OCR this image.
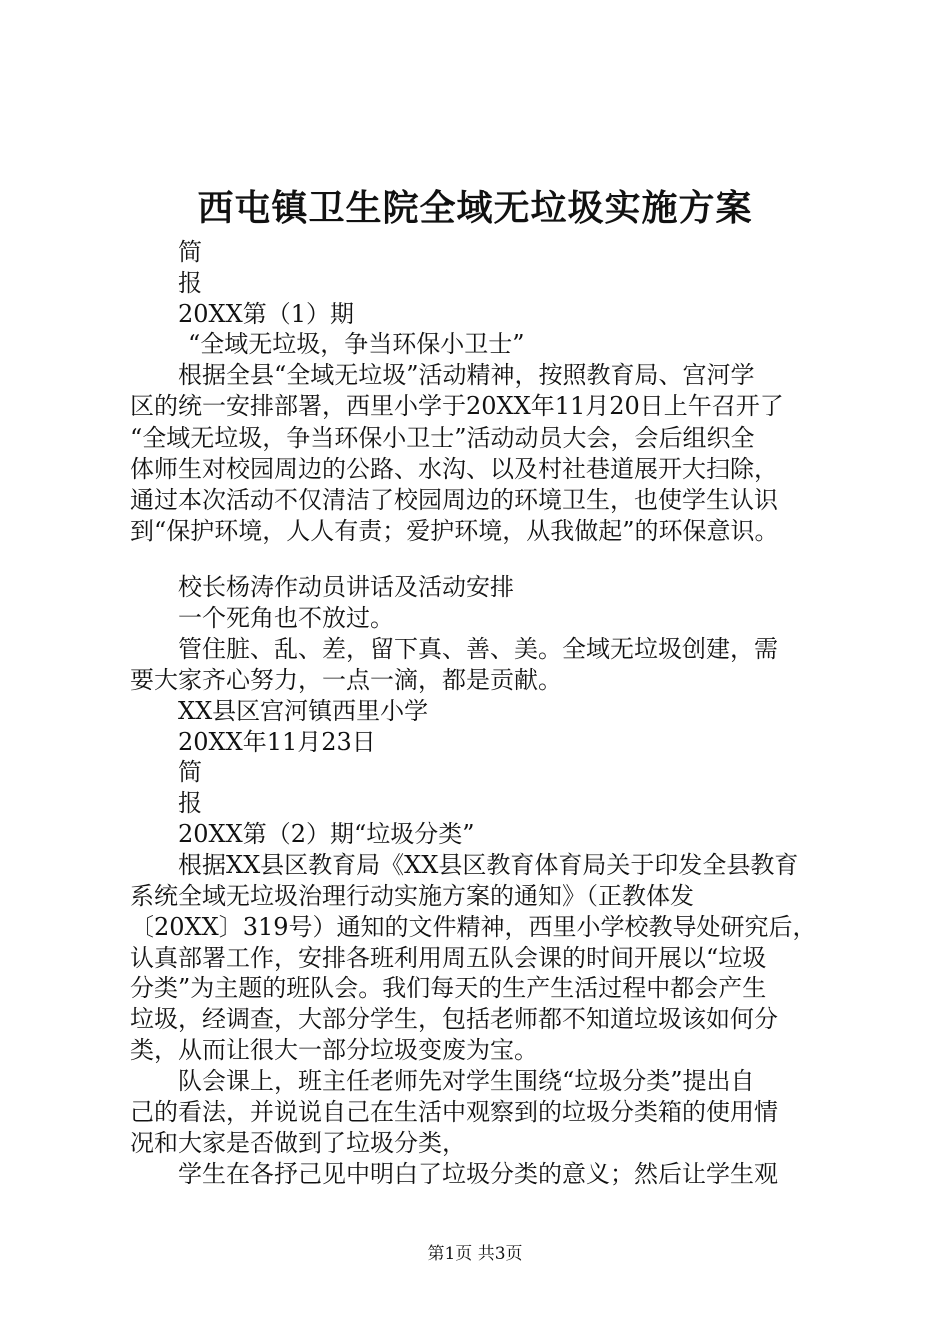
西屯镇卫生院全域无垃圾实施方案
简
报
20XX第（1）期
“全域无垃圾，争当环保小卫士”
根据全县“全域无垃圾”活动精神，按照教育局、宫河学
区的统一安排部署，西里小学于20XX年11月20日上午召开了
“全域无垃圾，争当环保小卫士”活动动员大会，会后组织全
体师生对校园周边的公路、水沟、以及村社巷道展开大扫除，
通过本次活动不仅清洁了校园周边的环境卫生，也使学生认识
到“保护环境，人人有责；爱护环境，从我做起”的环保意识。
校长杨涛作动员讲话及活动安排
一个死角也不放过。
管住脏、乱、差，留下真、善、美。全域无垃圾创建，需
要大家齐心努力，一点一滴，都是贡献。
XX县区宫河镇西里小学
20XX年11月23日
简
报
20XX第（2）期“垃圾分类”
根据XX县区教育局《XX县区教育体育局关于印发全县教育
系统全域无垃圾治理行动实施方案的通知》（正教体发
〔20XX〕319号）通知的文件精神，西里小学校教导处研究后，
认真部署工作，安排各班利用周五队会课的时间开展以“垃圾
分类”为主题的班队会。我们每天的生产生活过程中都会产生
垃圾，经调查，大部分学生，包括老师都不知道垃圾该如何分
类，从而让很大一部分垃圾变废为宝。
队会课上，班主任老师先对学生围绕“垃圾分类”提出自
己的看法，并说说自己在生活中观察到的垃圾分类箱的使用情
况和大家是否做到了垃圾分类，
学生在各抒己见中明白了垃圾分类的意义；然后让学生观
第1页 共3页
